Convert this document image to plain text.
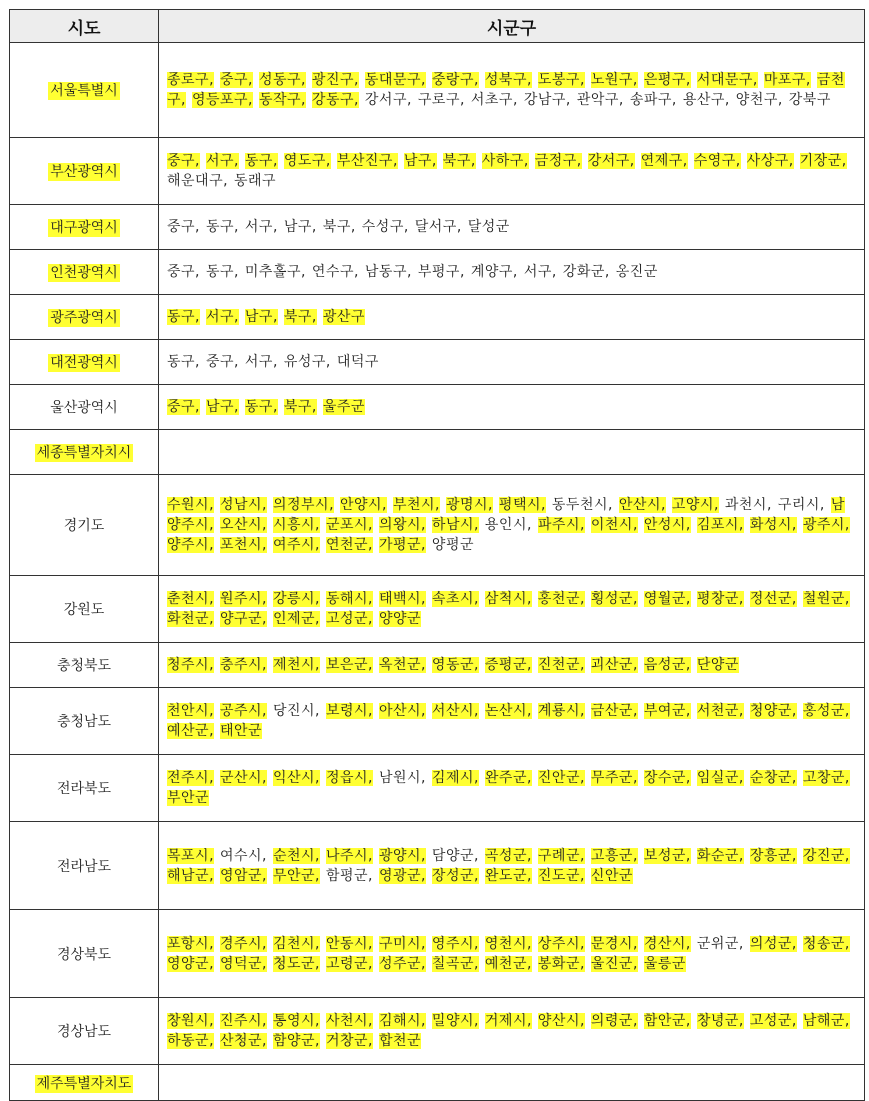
시도	시군구
서울특별시	종로구, 중구, 성동구, 광진구, 동대문구, 중랑구, 성북구, 도봉구, 노원구, 은평구, 서대문구, 마포구, 금천구, 영등포구, 동작구, 강동구, 강서구, 구로구, 서초구, 강남구, 관악구, 송파구, 용산구, 양천구, 강북구
부산광역시	중구, 서구, 동구, 영도구, 부산진구, 남구, 북구, 사하구, 금정구, 강서구, 연제구, 수영구, 사상구, 기장군, 해운대구, 동래구
대구광역시	중구, 동구, 서구, 남구, 북구, 수성구, 달서구, 달성군
인천광역시	중구, 동구, 미추홀구, 연수구, 남동구, 부평구, 계양구, 서구, 강화군, 옹진군
광주광역시	동구, 서구, 남구, 북구, 광산구
대전광역시	동구, 중구, 서구, 유성구, 대덕구
울산광역시	중구, 남구, 동구, 북구, 울주군
세종특별자치시	
경기도	수원시, 성남시, 의정부시, 안양시, 부천시, 광명시, 평택시, 동두천시, 안산시, 고양시, 과천시, 구리시, 남양주시, 오산시, 시흥시, 군포시, 의왕시, 하남시, 용인시, 파주시, 이천시, 안성시, 김포시, 화성시, 광주시, 양주시, 포천시, 여주시, 연천군, 가평군, 양평군
강원도	춘천시, 원주시, 강릉시, 동해시, 태백시, 속초시, 삼척시, 홍천군, 횡성군, 영월군, 평창군, 정선군, 철원군, 화천군, 양구군, 인제군, 고성군, 양양군
충청북도	청주시, 충주시, 제천시, 보은군, 옥천군, 영동군, 증평군, 진천군, 괴산군, 음성군, 단양군
충청남도	천안시, 공주시, 당진시, 보령시, 아산시, 서산시, 논산시, 계룡시, 금산군, 부여군, 서천군, 청양군, 홍성군, 예산군, 태안군
전라북도	전주시, 군산시, 익산시, 정읍시, 남원시, 김제시, 완주군, 진안군, 무주군, 장수군, 임실군, 순창군, 고창군, 부안군
전라남도	목포시, 여수시, 순천시, 나주시, 광양시, 담양군, 곡성군, 구례군, 고흥군, 보성군, 화순군, 장흥군, 강진군, 해남군, 영암군, 무안군, 함평군, 영광군, 장성군, 완도군, 진도군, 신안군
경상북도	포항시, 경주시, 김천시, 안동시, 구미시, 영주시, 영천시, 상주시, 문경시, 경산시, 군위군, 의성군, 청송군, 영양군, 영덕군, 청도군, 고령군, 성주군, 칠곡군, 예천군, 봉화군, 울진군, 울릉군
경상남도	창원시, 진주시, 통영시, 사천시, 김해시, 밀양시, 거제시, 양산시, 의령군, 함안군, 창녕군, 고성군, 남해군, 하동군, 산청군, 함양군, 거창군, 합천군
제주특별자치도	
